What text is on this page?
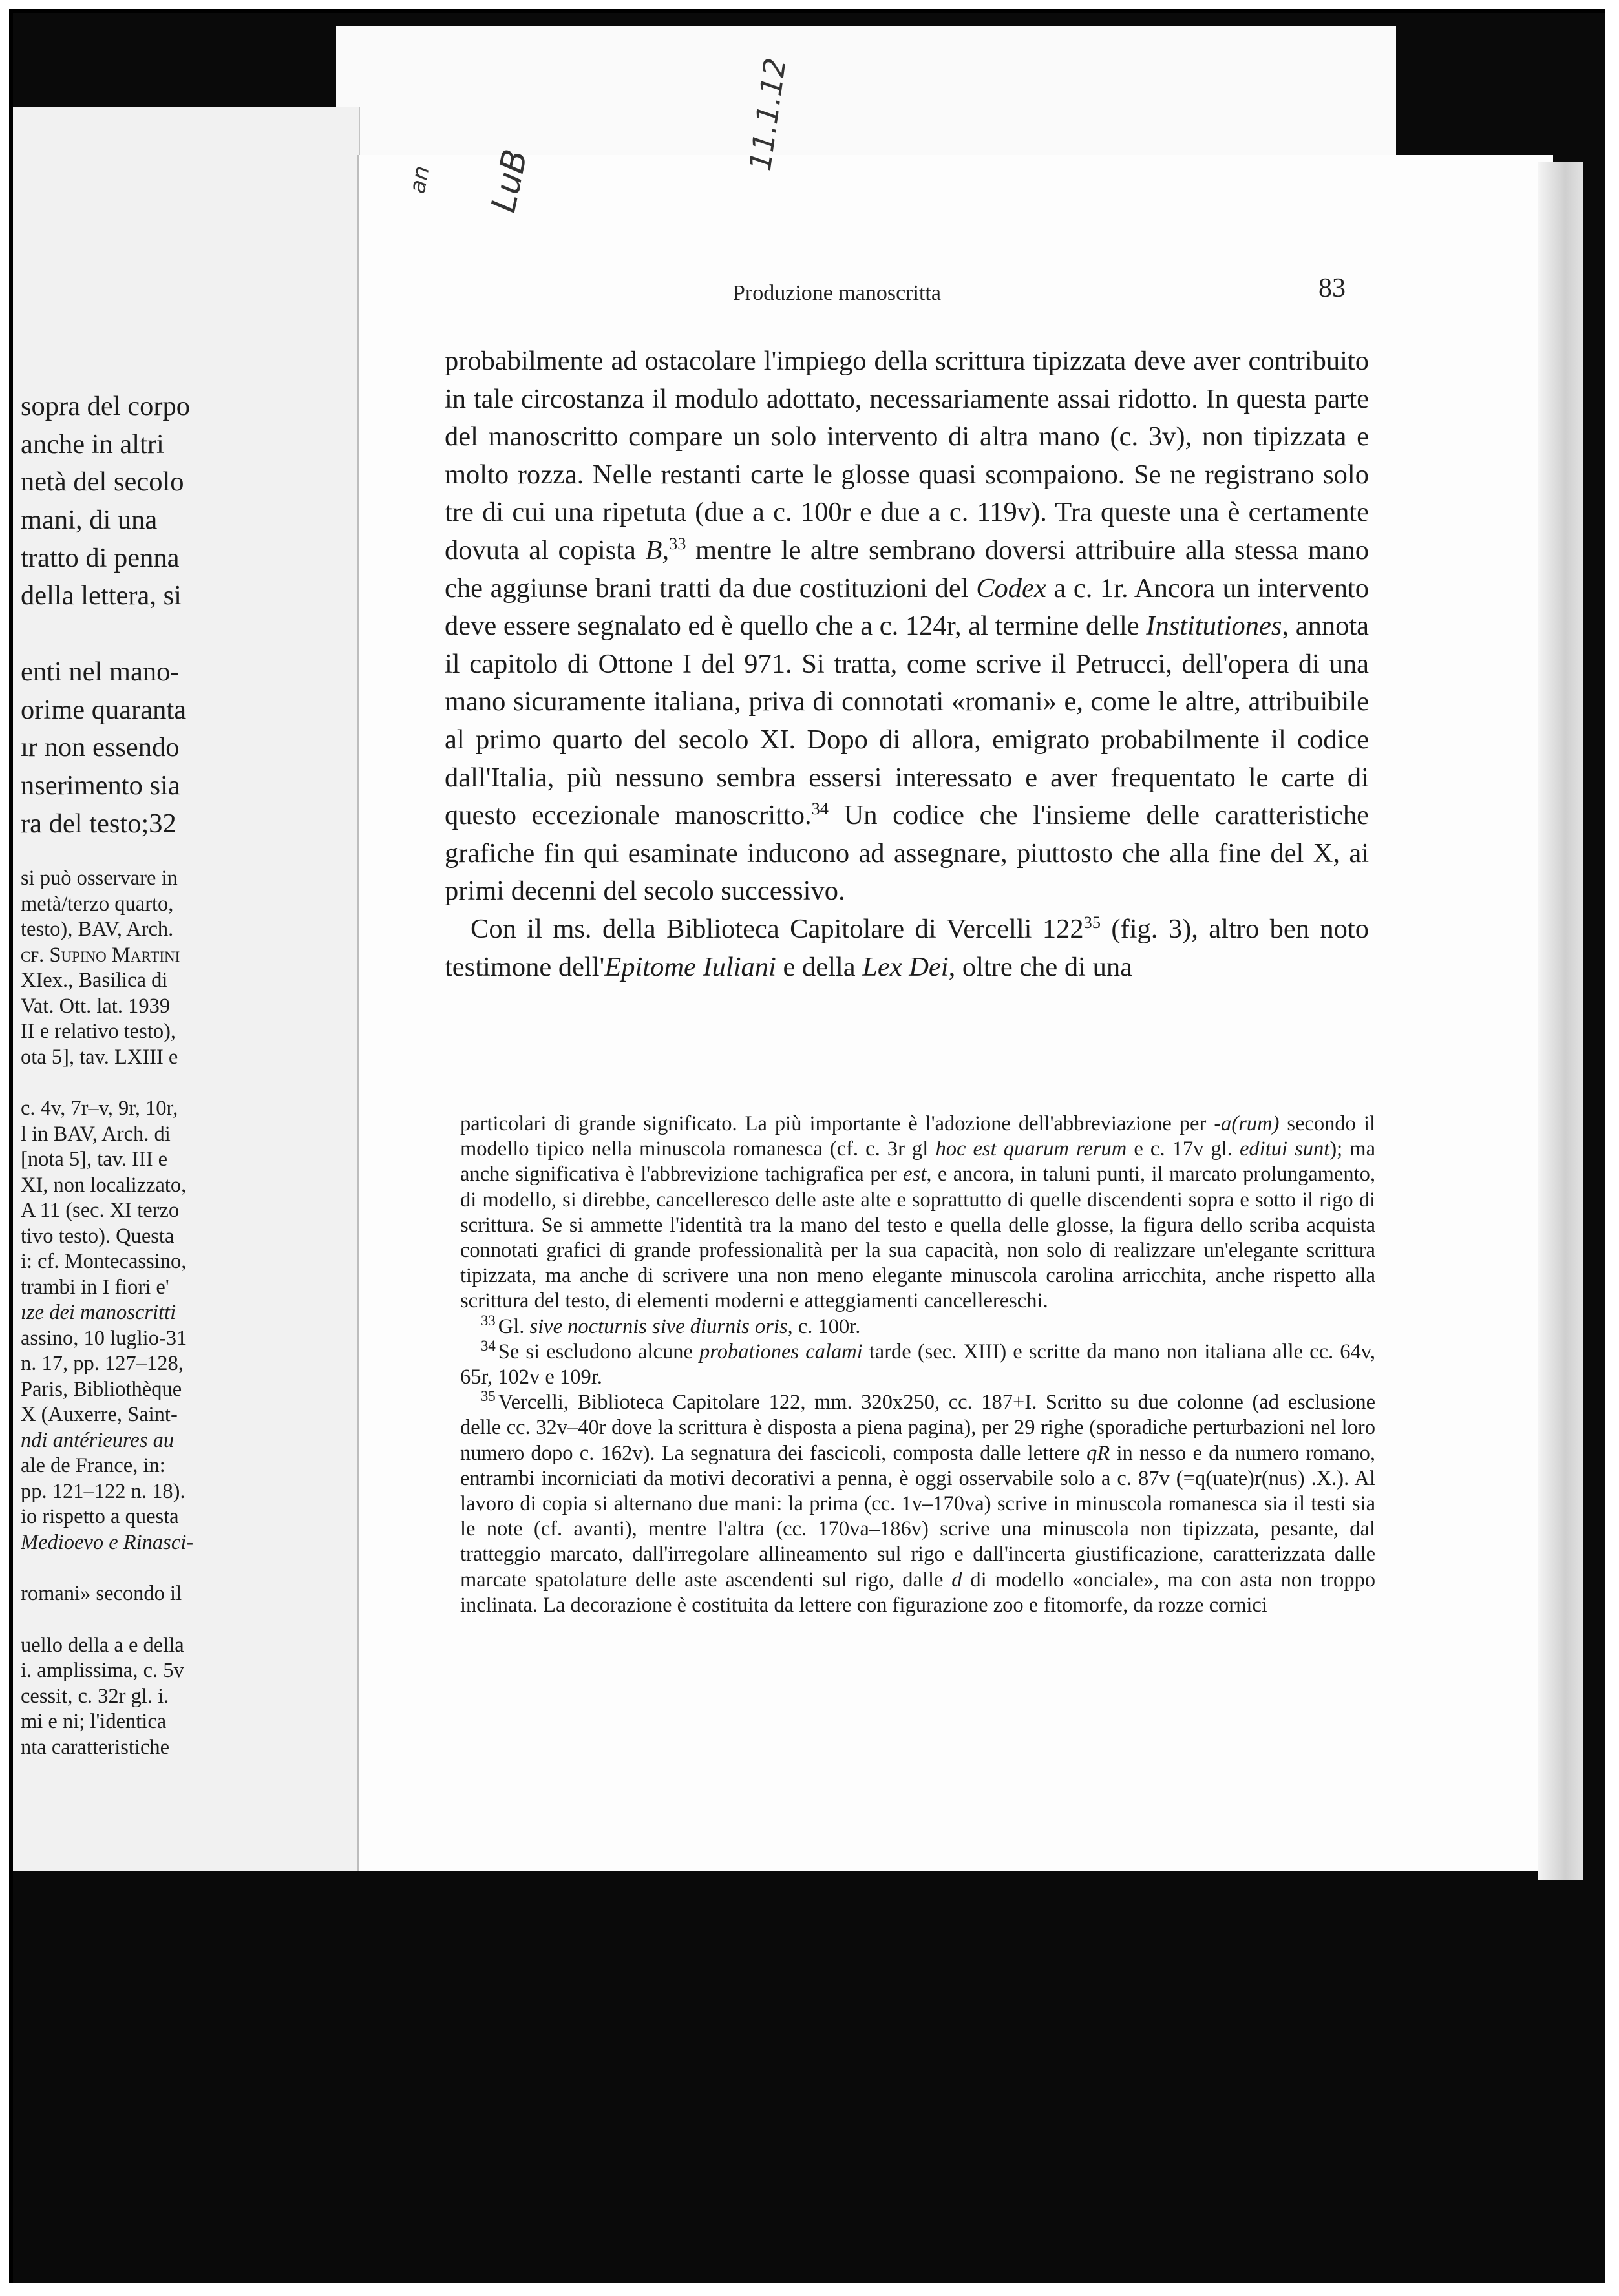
an LuB
11.1.12
sopra del corpo
anche in altri
netà del secolo
mani, di una
tratto di penna
della lettera, si
enti nel mano-
orime quaranta
ır non essendo
nserimento sia
ra del testo;32
si può osservare in
metà/terzo quarto,
testo), BAV, Arch.
cf. Supino Martini
XIex., Basilica di
Vat. Ott. lat. 1939
II e relativo testo),
ota 5], tav. LXIII e
c. 4v, 7r–v, 9r, 10r,
l in BAV, Arch. di
[nota 5], tav. III e
XI, non localizzato,
A 11 (sec. XI terzo
tivo testo). Questa
i: cf. Montecassino,
trambi in I fiori e'
ıze dei manoscritti
assino, 10 luglio-31
n. 17, pp. 127–128,
Paris, Bibliothèque
X (Auxerre, Saint-
ndi antérieures au
ale de France, in:
pp. 121–122 n. 18).
io rispetto a questa
Medioevo e Rinasci-
romani» secondo il
uello della a e della
i. amplissima, c. 5v
cessit, c. 32r gl. i.
mi e ni; l'identica
nta caratteristiche

Produzione manoscritta	83

probabilmente ad ostacolare l'impiego della scrittura tipizzata deve aver contribuito in tale circostanza il modulo adottato, necessariamente assai ridotto. In questa parte del manoscritto compare un solo intervento di altra mano (c. 3v), non tipizzata e molto rozza. Nelle restanti carte le glosse quasi scompaiono. Se ne registrano solo tre di cui una ripetuta (due a c. 100r e due a c. 119v). Tra queste una è certamente dovuta al copista B,$^{33}$ mentre le altre sembrano doversi attribuire alla stessa mano che aggiunse brani tratti da due costituzioni del Codex a c. 1r. Ancora un intervento deve essere segnalato ed è quello che a c. 124r, al termine delle Institutiones, annota il capitolo di Ottone I del 971. Si tratta, come scrive il Petrucci, dell'opera di una mano sicuramente italiana, priva di connotati «romani» e, come le altre, attribuibile al primo quarto del secolo XI. Dopo di allora, emigrato probabilmente il codice dall'Italia, più nessuno sembra essersi interessato e aver frequentato le carte di questo eccezionale manoscritto.$^{34}$ Un codice che l'insieme delle caratteristiche grafiche fin qui esaminate inducono ad assegnare, piuttosto che alla fine del X, ai primi decenni del secolo successivo.

Con il ms. della Biblioteca Capitolare di Vercelli $122^{35}$ (fig. 3), altro ben noto testimone dell'Epitome Iuliani e della Lex Dei, oltre che di una

particolari di grande significato. La più importante è l'adozione dell'abbreviazione per -a(rum) secondo il modello tipico nella minuscola romanesca (cf. c. 3r gl hoc est quarum rerum e c. 17v gl. editui sunt); ma anche significativa è l'abbrevizione tachigrafica per est, e ancora, in taluni punti, il marcato prolungamento, di modello, si direbbe, cancelleresco delle aste alte e soprattutto di quelle discendenti sopra e sotto il rigo di scrittura. Se si ammette l'identità tra la mano del testo e quella delle glosse, la figura dello scriba acquista connotati grafici di grande professionalità per la sua capacità, non solo di realizzare un'elegante scrittura tipizzata, ma anche di scrivere una non meno elegante minuscola carolina arricchita, anche rispetto alla scrittura del testo, di elementi moderni e atteggiamenti cancellereschi.

$^{33}$ Gl. sive nocturnis sive diurnis oris, c. 100r.

$^{34}$ Se si escludono alcune probationes calami tarde (sec. XIII) e scritte da mano non italiana alle cc. 64v, 65r, 102v e 109r.

$^{35}$ Vercelli, Biblioteca Capitolare 122, mm. 320x250, cc. 187+I. Scritto su due colonne (ad esclusione delle cc. 32v–40r dove la scrittura è disposta a piena pagina), per 29 righe (sporadiche perturbazioni nel loro numero dopo c. 162v). La segnatura dei fascicoli, composta dalle lettere qR in nesso e da numero romano, entrambi incorniciati da motivi decorativi a penna, è oggi osservabile solo a c. 87v (=q(uate)r(nus) .X.). Al lavoro di copia si alternano due mani: la prima (cc. 1v–170va) scrive in minuscola romanesca sia il testi sia le note (cf. avanti), mentre l'altra (cc. 170va–186v) scrive una minuscola non tipizzata, pesante, dal tratteggio marcato, dall'irregolare allineamento sul rigo e dall'incerta giustificazione, caratterizzata dalle marcate spatolature delle aste ascendenti sul rigo, dalle d di modello «onciale», ma con asta non troppo inclinata. La decorazione è costituita da lettere con figurazione zoo e fitomorfe, da rozze cornici
